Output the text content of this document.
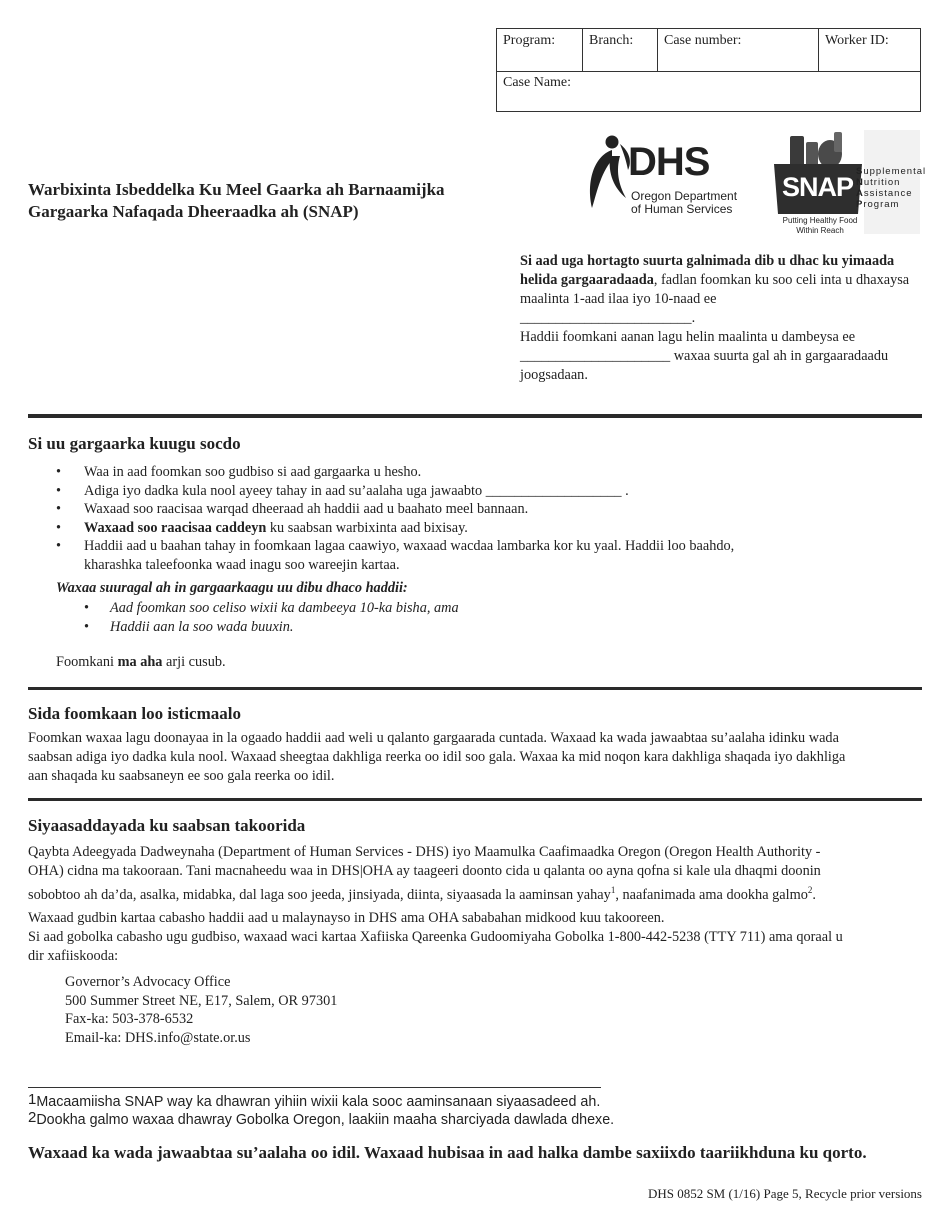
Program:	Branch:	Case number:	Worker ID:
Case Name:
Warbixinta Isbeddelka Ku Meel Gaarka ah Barnaamijka
Gargaarka Nafaqada Dheeraadka ah (SNAP)
DHS
Oregon Department
of Human Services
SNAP
Supplemental
Nutrition
Assistance
Program
Putting Healthy Food
Within Reach
Si aad uga hortagto suurta galnimada dib u dhac ku yimaada helida gargaaradaada, fadlan foomkan ku soo celi inta u dhaxaysa maalinta 1-aad ilaa iyo 10-naad ee
________________________.
Haddii foomkani aanan lagu helin maalinta u dambeysa ee _____________________ waxaa suurta gal ah in gargaaradaadu joogsadaan.
Si uu gargaarka kuugu socdo
• Waa in aad foomkan soo gudbiso si aad gargaarka u hesho.
• Adiga iyo dadka kula nool ayeey tahay in aad su’aalaha uga jawaabto ___________________ .
• Waxaad soo raacisaa warqad dheeraad ah haddii aad u baahato meel bannaan.
• Waxaad soo raacisaa caddeyn ku saabsan warbixinta aad bixisay.
• Haddii aad u baahan tahay in foomkaan lagaa caawiyo, waxaad wacdaa lambarka kor ku yaal. Haddii loo baahdo,
kharashka taleefoonka waad inagu soo wareejin kartaa.
Waxaa suuragal ah in gargaarkaagu uu dibu dhaco haddii:
• Aad foomkan soo celiso wixii ka dambeeya 10-ka bisha, ama
• Haddii aan la soo wada buuxin.
Foomkani ma aha arji cusub.
Sida foomkaan loo isticmaalo
Foomkan waxaa lagu doonayaa in la ogaado haddii aad weli u qalanto gargaarada cuntada. Waxaad ka wada jawaabtaa su’aalaha idinku wada
saabsan adiga iyo dadka kula nool. Waxaad sheegtaa dakhliga reerka oo idil soo gala. Waxaa ka mid noqon kara dakhliga shaqada iyo dakhliga
aan shaqada ku saabsaneyn ee soo gala reerka oo idil.
Siyaasaddayada ku saabsan takoorida
Qaybta Adeegyada Dadweynaha (Department of Human Services - DHS) iyo Maamulka Caafimaadka Oregon (Oregon Health Authority -
OHA) cidna ma takooraan. Tani macnaheedu waa in DHS|OHA ay taageeri doonto cida u qalanta oo ayna qofna si kale ula dhaqmi doonin
sobobtoo ah da’da, asalka, midabka, dal laga soo jeeda, jinsiyada, diinta, siyaasada la aaminsan yahay$^1$, naafanimada ama dookha galmo$^2$.
Waxaad gudbin kartaa cabasho haddii aad u malaynayso in DHS ama OHA sababahan midkood kuu takooreen.
Si aad gobolka cabasho ugu gudbiso, waxaad waci kartaa Xafiiska Qareenka Gudoomiyaha Gobolka 1-800-442-5238 (TTY 711) ama qoraal u
dir xafiiskooda:
Governor’s Advocacy Office
500 Summer Street NE, E17, Salem, OR 97301
Fax-ka: 503-378-6532
Email-ka: DHS.info@state.or.us
$^1$Macaamiisha SNAP way ka dhawran yihiin wixii kala sooc aaminsanaan siyaasadeed ah.
$^2$Dookha galmo waxaa dhawray Gobolka Oregon, laakiin maaha sharciyada dawlada dhexe.
Waxaad ka wada jawaabtaa su’aalaha oo idil. Waxaad hubisaa in aad halka dambe saxiixdo taariikhduna ku qorto.
DHS 0852 SM (1/16) Page 5, Recycle prior versions
